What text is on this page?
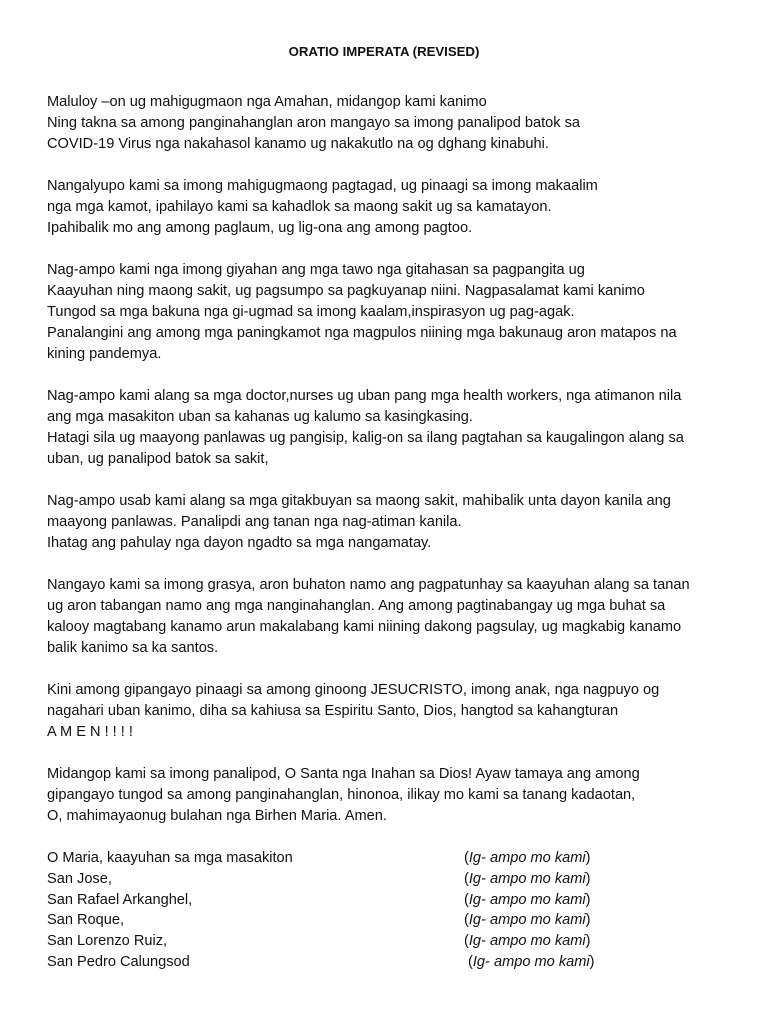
ORATIO IMPERATA (REVISED)
Maluloy –on ug mahigugmaon nga Amahan, midangop kami kanimo
Ning takna sa among panginahanglan aron mangayo sa imong panalipod batok sa
COVID-19 Virus nga nakahasol kanamo ug nakakutlo na og dghang kinabuhi.
Nangalyupo kami sa imong mahigugmaong pagtagad, ug pinaagi sa imong makaalim
nga mga kamot, ipahilayo kami sa kahadlok sa maong sakit ug sa kamatayon.
Ipahibalik mo ang among paglaum, ug lig-ona ang among pagtoo.
Nag-ampo kami nga imong giyahan ang mga tawo nga gitahasan sa pagpangita ug
Kaayuhan ning maong sakit, ug pagsumpo sa pagkuyanap niini. Nagpasalamat kami kanimo
Tungod sa mga bakuna nga gi-ugmad sa imong kaalam,inspirasyon ug pag-agak.
Panalangini ang among mga paningkamot nga magpulos niining mga bakunaug aron matapos na
kining pandemya.
Nag-ampo kami alang sa mga doctor,nurses ug uban pang mga health workers, nga atimanon nila
ang mga masakiton uban sa kahanas ug kalumo sa kasingkasing.
Hatagi sila ug maayong panlawas ug pangisip, kalig-on sa ilang pagtahan sa kaugalingon alang sa
uban, ug panalipod batok sa sakit,
Nag-ampo usab kami alang sa mga gitakbuyan sa maong sakit, mahibalik unta dayon kanila ang
maayong panlawas. Panalipdi ang tanan nga nag-atiman kanila.
Ihatag ang pahulay nga dayon ngadto sa mga nangamatay.
Nangayo kami sa imong grasya, aron buhaton namo ang pagpatunhay sa kaayuhan alang sa tanan
ug aron tabangan namo ang mga nanginahanglan. Ang among pagtinabangay ug mga buhat sa
kalooy magtabang kanamo arun makalabang kami niining dakong pagsulay, ug magkabig kanamo
balik kanimo sa ka santos.
Kini among gipangayo pinaagi sa among ginoong JESUCRISTO, imong anak, nga nagpuyo og
nagahari uban kanimo, diha sa kahiusa sa Espiritu Santo, Dios, hangtod sa kahangturan
A M E N ! ! ! !
Midangop kami sa imong panalipod, O Santa nga Inahan sa Dios! Ayaw tamaya ang among
gipangayo tungod sa among panginahanglan, hinonoa, ilikay mo kami sa tanang kadaotan,
O, mahimayaonug bulahan nga Birhen Maria. Amen.
O Maria, kaayuhan sa mga masakiton	(Ig- ampo mo kami)
San Jose,	(Ig- ampo mo kami)
San Rafael Arkanghel,	(Ig- ampo mo kami)
San Roque,	(Ig- ampo mo kami)
San Lorenzo Ruiz,	(Ig- ampo mo kami)
San Pedro Calungsod	(Ig- ampo mo kami)
